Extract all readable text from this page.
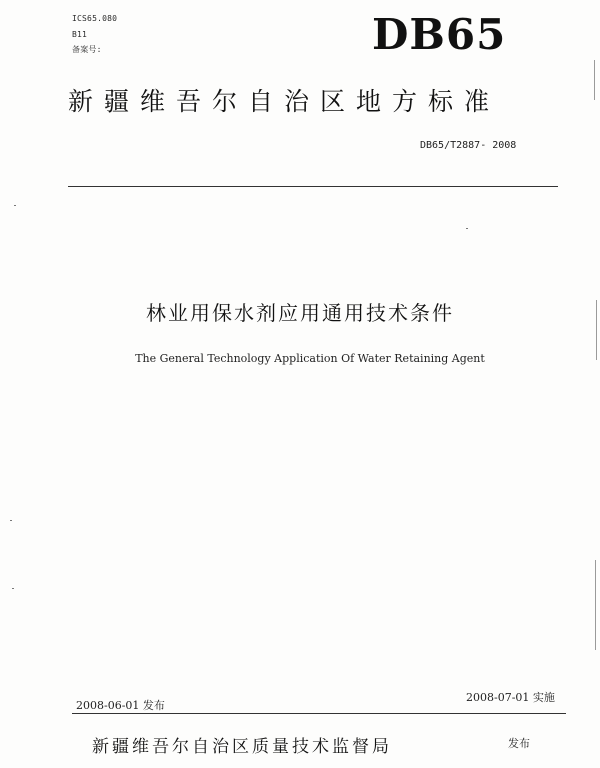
ICS65.080
B11
备案号:	DB65
新疆维吾尔自治区地方标准
DB65/T2887- 2008
林业用保水剂应用通用技术条件
The General Technology Application Of Water Retaining Agent
2008-06-01 发布
2008-07-01 实施
新疆维吾尔自治区质量技术监督局	发布
